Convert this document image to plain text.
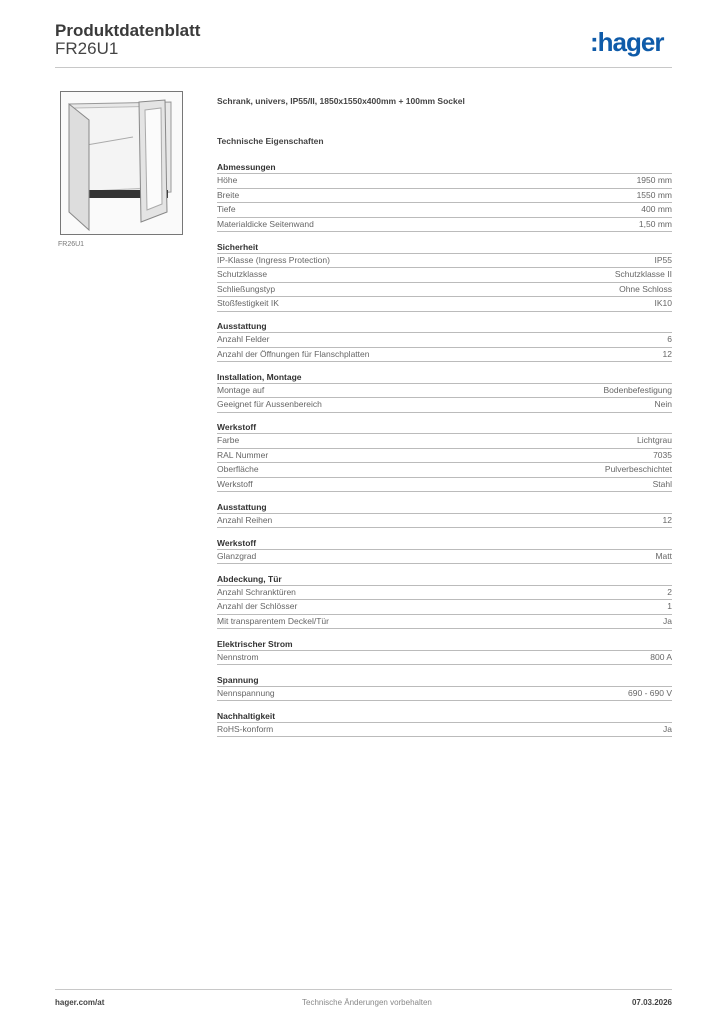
Produktdatenblatt
FR26U1	:hager
FR26U1
Schrank, univers, IP55/II, 1850x1550x400mm + 100mm Sockel
Technische Eigenschaften
Abmessungen
Höhe	1950 mm
Breite	1550 mm
Tiefe	400 mm
Materialdicke Seitenwand	1,50 mm
Sicherheit
IP-Klasse (Ingress Protection)	IP55
Schutzklasse	Schutzklasse II
Schließungstyp	Ohne Schloss
Stoßfestigkeit IK	IK10
Ausstattung
Anzahl Felder	6
Anzahl der Öffnungen für Flanschplatten	12
Installation, Montage
Montage auf	Bodenbefestigung
Geeignet für Aussenbereich	Nein
Werkstoff
Farbe	Lichtgrau
RAL Nummer	7035
Oberfläche	Pulverbeschichtet
Werkstoff	Stahl
Ausstattung
Anzahl Reihen	12
Werkstoff
Glanzgrad	Matt
Abdeckung, Tür
Anzahl Schranktüren	2
Anzahl der Schlösser	1
Mit transparentem Deckel/Tür	Ja
Elektrischer Strom
Nennstrom	800 A
Spannung
Nennspannung	690 - 690 V
Nachhaltigkeit
RoHS-konform	Ja
hager.com/at	Technische Änderungen vorbehalten	07.03.2026
